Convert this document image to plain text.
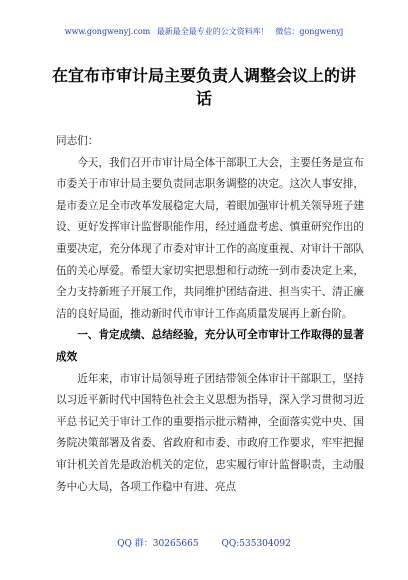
www.gongwenyj.com 最新最全最专业的公文资料库！ 微信：gongwenyj
在宜布市审计局主要负责人调整会议上的讲话

同志们：

今天，我们召开市审计局全体干部职工大会，主要任务是宣布市委关于市审计局主要负责同志职务调整的决定。这次人事安排，是市委立足全市改革发展稳定大局，着眼加强审计机关领导班子建设、更好发挥审计监督职能作用，经过通盘考虑、慎重研究作出的重要决定，充分体现了市委对审计工作的高度重视、对审计干部队伍的关心厚爱。希望大家切实把思想和行动统一到市委决定上来，全力支持新班子开展工作，共同维护团结奋进、担当实干、清正廉洁的良好局面，推动新时代市审计工作高质量发展再上新台阶。

一、肯定成绩、总结经验，充分认可全市审计工作取得的显著成效

近年来，市审计局领导班子团结带领全体审计干部职工，坚持以习近平新时代中国特色社会主义思想为指导，深入学习贯彻习近平总书记关于审计工作的重要指示批示精神，全面落实党中央、国务院决策部署及省委、省政府和市委、市政府工作要求，牢牢把握审计机关首先是政治机关的定位，忠实履行审计监督职责，主动服务中心大局，各项工作稳中有进、亮点

QQ 群：30265665	QQ:535304092
